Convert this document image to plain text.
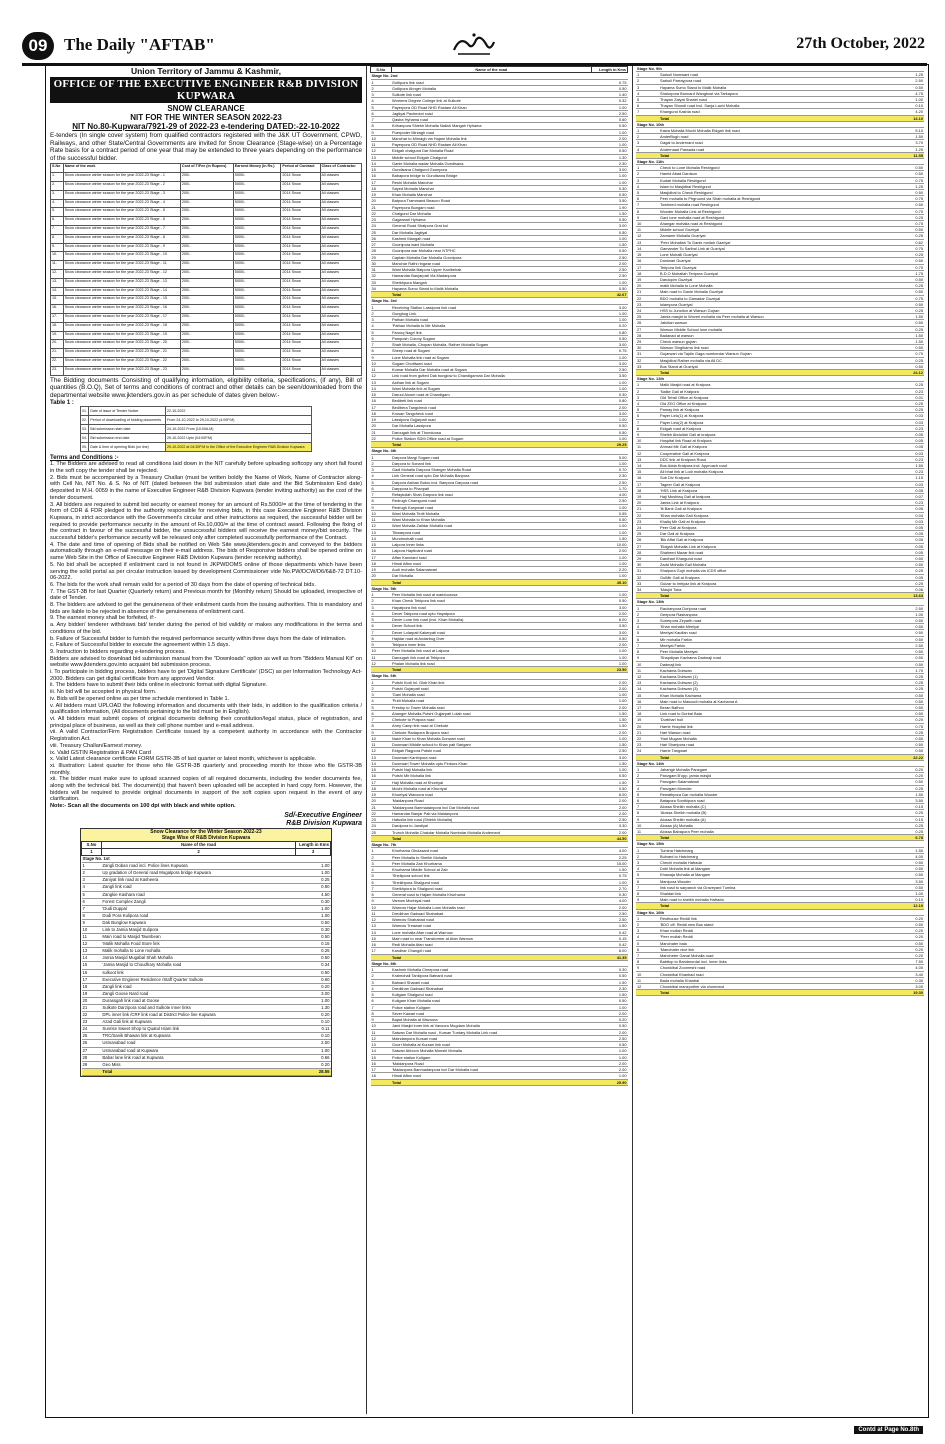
09 The Daily "AFTAB"	27th October, 2022
Union Territory of Jammu & Kashmir,
OFFICE OF THE EXECUTIVE ENGINEER R&B DIVISION KUPWARA
SNOW CLEARANCE
NIT FOR THE WINTER SEASON 2022-23
NIT No.80-Kupwara/7921-29 of 2022-23 e-tendering DATED:-22-10-2022
E-tenders (In single cover system) from qualified contractors registered with the J&K UT Government, CPWD, Railways, and other State/Central Governments are invited for Snow Clearance (Stage-wise) on a Percentage Rate basis for a contract period of one year that may be extended to three years depending on the performance of the successful bidder.
S.No	Name of the work	Cost of T/Fee (in Rupees)	Earnest Money (in Rs.)	Period of Contract	Class of Contractor
1.	Snow clearance winter season for the year 2022-23 Stage - 1	200/-	5000/-	2014 Snow	All classes
2.	Snow clearance winter season for the year 2022-23 Stage - 2	200/-	5000/-	2014 Snow	All classes
3.	Snow clearance winter season for the year 2022-23 Stage - 3	200/-	5000/-	2014 Snow	All classes
4.	Snow clearance winter season for the year 2022-23 Stage - 4	200/-	5000/-	2014 Snow	All classes
5.	Snow clearance winter season for the year 2022-23 Stage - 5	200/-	5000/-	2014 Snow	All classes
6.	Snow clearance winter season for the year 2022-23 Stage - 6	200/-	5000/-	2014 Snow	All classes
7.	Snow clearance winter season for the year 2022-23 Stage - 7	200/-	5000/-	2014 Snow	All classes
8.	Snow clearance winter season for the year 2022-23 Stage - 8	200/-	5000/-	2014 Snow	All classes
9.	Snow clearance winter season for the year 2022-23 Stage - 9	200/-	5000/-	2014 Snow	All classes
10.	Snow clearance winter season for the year 2022-23 Stage - 10	200/-	5000/-	2014 Snow	All classes
11.	Snow clearance winter season for the year 2022-23 Stage - 11	200/-	5000/-	2014 Snow	All classes
12.	Snow clearance winter season for the year 2022-23 Stage - 12	200/-	5000/-	2014 Snow	All classes
13.	Snow clearance winter season for the year 2022-23 Stage - 13	200/-	5000/-	2014 Snow	All classes
14.	Snow clearance winter season for the year 2022-23 Stage - 14	200/-	5000/-	2014 Snow	All classes
15.	Snow clearance winter season for the year 2022-23 Stage - 15	200/-	5000/-	2014 Snow	All classes
16.	Snow clearance winter season for the year 2022-23 Stage - 16	200/-	5000/-	2014 Snow	All classes
17.	Snow clearance winter season for the year 2022-23 Stage - 17	200/-	5000/-	2014 Snow	All classes
18.	Snow clearance winter season for the year 2022-23 Stage - 18	200/-	5000/-	2014 Snow	All classes
19.	Snow clearance winter season for the year 2022-23 Stage - 19	200/-	5000/-	2014 Snow	All classes
20.	Snow clearance winter season for the year 2022-23 Stage - 20	200/-	5000/-	2014 Snow	All classes
21.	Snow clearance winter season for the year 2022-23 Stage - 21	200/-	5000/-	2014 Snow	All classes
22.	Snow clearance winter season for the year 2022-23 Stage - 22	200/-	5000/-	2014 Snow	All classes
23.	Snow clearance winter season for the year 2022-23 Stage - 23	200/-	5000/-	2014 Snow	All classes
The Bidding documents Consisting of qualifying information, eligibility criteria, specifications, (if any), Bill of quantities (B.O.Q), Set of terms and conditions of contract and other details can be seen/downloaded from the departmental website www.jktenders.gov.in as per schedule of dates given below:-
Table 1 :
01.	Date of issue of Tender Notice	22-10-2022
02.	Period of downloading of bidding documents	From 24-10-2022 to 29-10-2022 (4:00P.M)
03.	Bid submission start date	24-10-2022 From (10:00A.M)
04.	Bid submission end date	29-10-2022 Upto (04:00P.M)
05.	Date & time of opening Bids (on line)	29-10-2022 at 04:30P.M in the Office of the Executive Engineer R&B Division Kupwara
Terms and Conditions :-
1. The Bidders are advised to read all conditions laid down in the NIT carefully before uploading softcopy any short fall found in the soft copy the tender shall be rejected.
2. Bids must be accompanied by a Treasury Challan (must be written boldly the Name of Work, Name of Contractor along-with Cell No, NIT No. & S. No of NIT (dated between the bid submission start date and the Bid Submission End date) deposited in M.H. 0059 in the name of Executive Engineer R&B Division Kupwara (tender inviting authority) as the cost of the tender document.
3. All bidders are required to submit bid security or earnest money for an amount of Rs.5000/= at the time of tendering in the form of CDR & FDR pledged to the authority responsible for receiving bids, in this case Executive Engineer R&B Division Kupwara, in strict accordance with the Government's circular and other instructions as required, the successful bidder will be required to provide performance security in the amount of Rs.10,000/= at the time of contract award. Following the fixing of the contract in favour of the successful bidder, the unsuccessful bidders will receive the earnest money/bid security. The successful bidder's performance security will be released only after completed successfully performance of the Contract.
4. The date and time of opening of Bids shall be notified on Web Site www.jktenders.gov.in and conveyed to the bidders automatically through an e-mail message on their e-mail address. The bids of Responsive bidders shall be opened online on same Web Site in the Office of Executive Engineer R&B Division Kupwara (tender receiving authority).
5. No bid shall be accepted if enlistment card is not found in JKPWDOMS online of those departments which have been serving the solid portal as per circular instruction issued by development Commissioner vide No.PW/DCW/D6/6&8-72 DT.10-06-2022.
6. The bids for the work shall remain valid for a period of 30 days from the date of opening of technical bids.
7. The GST-3B for last Quarter (Quarterly return) and Previous month for (Monthly return) Should be uploaded, irrespective of date of Tender.
8. The bidders are advised to get the genuineness of their enlistment cards from the issuing authorities. This is mandatory and bids are liable to be rejected in absence of the genuineness of enlistment card.
9. The earnest money shall be forfeited, if:-
a. Any bidder/ tenderer withdraws bid/ tender during the period of bid validity or makes any modifications in the terms and conditions of the bid.
b. Failure of Successful bidder to furnish the required performance security within three days from the date of intimation.
c. Failure of Successful bidder to execute the agreement within 1.5 days.
9. Instruction to bidders regarding e-tendering process.
Bidders are advised to download bid submission manual from the "Downloads" option as well as from "Bidders Manual Kit" on website www.jktenders.gov.into acquaint bid submission process.
i. To participate in bidding process, bidders have to get 'Digital Signature Certificate' (DSC) as per Information Technology Act-2000. Bidders can get digital certificate from any approved Vendor.
ii. The bidders have to submit their bids online in electronic format with digital Signature.
iii. No bid will be accepted in physical form.
iv. Bids will be opened online as per time schedule mentioned in Table 1.
v. All bidders must UPLOAD the following information and documents with their bids, in addition to the qualification criteria / qualification information, (All documents pertaining to the bid must be in English).
vi. All bidders must submit copies of original documents defining their constitution/legal status, place of registration, and principal place of business, as well as their cell phone number and e-mail address.
vii. A valid Contractor/Firm Registration Certificate issued by a competent authority in accordance with the Contractor Registration Act.
viii. Treasury Challan/Earnest money.
ix. Valid GSTIN Registration & PAN Card
x. Valid Latest clearance certificate FORM GSTR-3B of last quarter or latest month, whichever is applicable.
xi. Illustration: Latest quarter for those who file GSTR-3B quarterly and proceeding month for those who file GSTR-3B monthly.
xii. The bidder must make sure to upload scanned copies of all required documents, including the tender documents fee, along with the technical bid. The document(s) that haven't been uploaded will be accepted in hard copy form. However, the bidders will be required to provide original documents in support of the soft copies upon request in the event of any clarification.
Note:- Scan all the documents on 100 dpi with black and white option.
Sd/-Executive Engineer
R&B Division Kupwara
Snow Clearance for the Winter Season 2022-23
Stage Wise of R&B Division Kupwara
S.No	Name of the road	Length in Kms
1	2	3
Stage No. 1st		
1	Zangli Doban road incl. Police lines Kupwara	1.00
2	Up gradation of General road Mugalpora bridge Kupwara	1.00
3	Zaniyat link road at Kasheera	0.25
4	Zangli link road	0.80
5	Zangkie Kashara road	4.50
6	Forest Complex Zangli	0.30
7	'Dudi Duppal	1.00
8	Dudi Pora Kulipora road	1.00
9	Dak Bunglow Kupwara	0.50
10	Link to Jamia Masjid Sulipora	0.30
11	Main road to Masjid Tawnbean	0.50
12	'Malik Mohalla Food Store link	0.15
13	Malik mohalla to Lone mohalla	0.25
14	Jamia Masjid Mugabal Shah Mohalla	0.50
15	'Jamia Masjid to Choudhary Mohalla road	0.34
16	sulkoot link	0.50
17	Executive Engineer Residence /Staff Quarter Sulkote	0.60
18	Zangli link road	0.20
19	Zangli Goose Nard road	3.00
20	Durassgah link road at Goose	1.00
21	Sulkote Darzipora road and Sulkote inner links	1.30
22	DPL inner link /CRF link road at District Police line Kupwara	0.20
23	Azad Gali link at Kupwara	0.10
24	Sunrise Sweet Shop to Quatul Islam link	0.11
25	TRC/Sanik Bhawan link at Kupwara	0.10
26	Usmanabad road	2.00
27	Usmanabad road at Kupwara	1.00
28	Babar lane link road at Kupwara	0.66
29	Geo Miss	0.20
	Total	28.55
S.No	Name of the road	Length in Kms
Stage No. 2nd		
1	Gutlipora link road	0.75
2	Gutlipora Ahnger Mohalla	0.50
3	Sulkote link road	1.40
4	Womens Degree College link at Sulkote	0.32
5	Payerpora OD Road NHD Rustam Ali Khan	1.00
6	Jagtiyal Pachedori road	2.50
7	Qasba Hyhama road	0.60
8	Krihanpora Shiekh Mohalla Nallah Mangah Hyhama	0.50
9	Puerpoder Mirzagh road	1.00
10	Manchar to Mirnagh via Hajam Mohalla link	2.00
11	Payerpora OD Road NHD Rustam Ali Khan	1.00
12	Eidgah chalgund Dar Mohalla Road	0.50
13	Middle school Eidgah Chalgund	1.30
14	Ganie Mohalla wadar Mohalla Gundisana	2.30
15	Gundisana Chalgund Goonpora	3.00
16	Babapora bridge to Gundisana Bridge	1.00
17	Reshi Mohalla Manchar	1.00
18	Sayed Mohalla Manchar	0.30
19	Khan Mohalla Manchar	0.50
20	Batpora Trammand Beacon Road	3.50
21	Payerpora Bungam road	1.90
22	Chalgund Dar Mohalla	1.50
23	Gagarwari Hyhama	0.50
24	General Road Shatpora Grat kul	3.00
25	Dar Mohalla Jagtiyal	0.50
26	Kashmir Mangah road	1.00
27	Goonipora wani Mohalla	1.50
28	Goonipora war Mohalla near NTPHC	0.50
29	Captain Mohalla Dar Mohalla Goonipora	2.50
30	Manchar Rathi ringwar road	2.00
31	Wani Mohalla Batpora Upper Kanibehak	2.50
32	Hamandar Banjarpati Via Madanpora	2.50
33	Sheikhpora Mangah	1.00
34	Hayama Sumo Stand to Malik Mohalla	0.50
	Total	42.67
Stage No. 3rd		
1	Receiving Station Lassipora link road	3.00
2	Gungbug Link	1.00
3	Pathan Mohalla road	1.00
4	'Pathan Mohalla to Mir Mohalla	0.20
5	Farooq Nagri link	0.80
6	Pamposh Colony Sogam	0.50
7	Shah Mohalla, Chopan Mohalla, Rather Mohalla Sogam	3.00
8	Sheep road at Sogam	0.75
9	Lone Mohalla link road at Sogam	1.00
10	Sogam Chottiwari road	3.00
11	Kumar Mohalla Dar Mohalla road at Sogam	2.50
12	Link road from gutted Dak bunglow to Chandigamvia Dar Mohalla	3.50
13	Asthan link at Sogam	1.00
14	Wani Mohalla link at Sogam	1.00
15	Daruul Aloom road at Chandigam	0.30
16	Bedibeti link road	0.80
17	Bedibera Tangcheck road	2.00
18	Krusan Tangcheck road	3.00
19	Lassipora Gujjarpati road	1.00
20	Dar Mohalla Lassipora	0.50
21	Darougah link at Thundoosa	0.50
22	Police Station SDM Office road at Sogam	1.00
	Total	29.25
Stage No. 4th		
1	Darpora Margi Sogam road	5.00
2	Darpora to Sonard link	1.00
3	Gadi Mohalla Darpora Shanger Mohalla Road	0.70
4	Link General road upto Dar Mohalla Banpora	2.30
5	Darpora Asthan Butoo incl. Banpora Darpora road	2.50
6	Darppora to Phanpati	1.70
7	Refaytullah Shah Darpora link road	4.00
8	Redrugh Chamgund road	2.50
9	Redrugh Kanpwari road	1.00
10	Wani Mohalla Tedli Mohalla	0.55
11	Wani Mohalla to Khan Mohalla	0.50
12	Wani Mohalla Zaildar Mohalla road	1.00
13	Tikwarpora road	1.00
14	Mundmohalli road	1.50
15	Lalpora Inner links	10.00
16	Lalpora Haptinard road	2.00
17	Affan Kanniard road	1.00
18	Himal Affan road	1.00
19	Audi mohalla Salamatwari	2.20
20	Dar Mohalla	1.00
	Total	45.10
Stage No. 5th		
1	Peer Mohalla link road at waridoorusa	1.00
2	Khan Check Tekipora link road	0.50
3	Hayatpora link road	3.00
4	Dever Takipora road upto Hayatpora	2.00
5	Dever Lone link road (incl. Khan Mohalla)	6.00
6	Dever School link	3.50
7	Dever Lolarpati Kakerpati road	3.00
8	Hajidar road at Andarbug Dver	0.50
9	Tekipora inner links	2.00
10	Peer Mohalla link road at Lalpora	1.00
11	Darougah link road at Tekipora	1.00
12	Phalan Mohalla link road	1.00
	Total	23.50
Stage No. 6th		
1	Putshi Kodi Inl. Glob Khan link	2.00
2	Putshi Gujarpati road	2.00
3	'Gani Mohalla road	1.00
4	'Putti Mohalla road	1.00
5	Frestop to Tower Mohalla road	2.00
6	Ahanger Mohalla Putshi Gujjarpati Lolab road	1.50
7	Chekote to Putpora road	1.50
8	Army Camp link road at Chekote	1.50
9	Chekote Radapora Brupora road	2.00
10	Nasir Khan to Khan Mohalla Donwari road	1.00
11	Doonwari Middle school to Khan pati Sarigam	1.50
12	Eidgah Ragpora Putshi road	2.50
13	Doonwari Kanthpora road	3.00
14	Doonwari Tower Mohalla upto Firdous Khan	1.50
15	Putshi Naji Mohalla link	1.00
16	Putshi Mir Mohalla link	0.50
17	Haji Mohalla road at Khurriyal	1.50
18	Mochi Mohalla road at Khurriyal	0.50
19	Khurriyal Wavoora road	6.00
20	'Maidanpora Road	2.00
21	'Maidanpora Banmadanpora incl Dar Mohalla road	2.00
22	Hamandar Banjar Pati via Maidanpora	2.00
23	Hafuslla link road (Shiekh Mohalla)	2.50
24	Dardpora to Jandiyal	3.30
25	Trunch Mohalla Chakdar Mohalla Numbdar Mohalla Andernard	2.00
	Total	44.50
Stage No. 7th		
1	Khurhama Ghulzaard road	4.00
2	Peer Mohalla to Sheikh Mohalla	2.25
3	Peer Mohalla Zab Khurhama	15.00
4	Khurhama Middle School at Zab	1.50
5	'Sheikpora school link	0.75
6	'Sheikhpora Shalgund road	1.00
7	Sheikhpora to Shalgund road	2.70
8	General road to Hajam Mohalla Khurhama	0.30
9	Varnow Mochiyal road	4.00
10	Warnow Hajar Mohalla Loan Mohalla road	2.00
11	Dredkhan Gadwad Shahabad	2.50
12	Warnow Shahabad road	2.50
13	Warnow Treawari road	1.50
14	Lone mohalla Afan road at Warnow	0.42
15	Main road to near Transformer at Afan Warnow	0.15
16	Redi Mohalla Afan road	0.42
17	Kandhar Changdi road	6.00
	Total	41.35
Stage No. 8th		
1	Kashmir Mohalla Cheepora road	0.30
2	Kralmohall Tankipora Batnard road	0.50
3	Batnard Sharani road	1.50
4	Dredkhan Gadwad Shahabad	2.30
5	Kuligam Shalgund road	1.50
6	Kuligam Khan Mohalla road	0.50
7	Police station Kuligam	1.00
8	Sever Kawari road	2.00
9	Bajad Mohalla at Wavoora	0.20
10	Jami Masjid inner link at Vavoora Mugdam Mohalla	0.50
11	Saiwan Dar Mohalla road , Kursan Tuntary Mohalla Link road	2.00
12	Maindanpora Kursan road	2.50
13	Goori Mohalla at Kursan link road	0.50
14	Saiwan Akhoon Mohalla Munshi Mohalla	1.00
15	Police station Kuligam	1.00
16	'Maidanpora Road	2.00
17	'Madanpora Banmadanpora incl Dar Mohalla road	2.00
18	Himal Affan road	1.00
	Total	25.90
Stage No. 9th		
1	Sarkuli Numwani road	1.25
2	Sarkuli Parraypora road	2.50
3	Hayama Sumo Stand to Malik Mohalla	0.50
4	Shalurpora Bunnard Wangbost via Tarkapora	4.75
5	Thayan Zaiyat Shariel road	1.00
6	Thayan Shundi road Incl. Sanja Lachi Mohalla	0.10
7	Khangund Kashia road	4.20
	Total	14.10
Stage No. 10th		
1	Kawa Mohalla Mochi Mohalla Eidgah link road	5.10
2	AnderBugh road	1.50
3	Gagal to Andernard road	3.70
4	Andernaad Passada road	1.25
	Total	11.55
Stage No. 11th		
1	Check to Lone Mohalla Reshigund	0.50
2	Hamid Abad Dardsun	0.50
3	Kudari Mohalla Reshigund	0.75
4	Islam to Masjidbal Reshigund	1.25
5	Masjidbal to Check Reshigund	0.50
6	Peer mohalla to Phgruund via Shah mohalla at Reshigund	0.75
7	Towheed mohalla road Reshigund	0.50
8	Wooder Mohalla Link at Reshigund	0.75
9	Gani lone mohalla road at Reshigund	0.25
10	Ahangar mohalla road at Reshigund	0.75
11	Middle school Guzriyal	0.50
12	Zamamir Mohalla Guzriyal	0.25
13	'Peer Mohallah To Ganie mollah Gazriyal	0.62
14	Gamander To Saribal Link at Guzriyal	0.75
15	Lone Mohalli Guzriyal	0.25
16	Doniwari Guzriyal	0.50
17	Teripora link Guzriyal	0.75
18	B.D.O Mohallah Teripora Guzriyal	1.75
19	Darulqom Guzriyal	0.50
20	malik Mohalla to Lone Mohalla	0.25
21	Main road to Ganie Mohalla Guzriyal	0.50
22	BDO mohalla to Gamadar Guzriyal	0.75
23	Islampora Guzriyal	0.50
24	HSS to Junction at Warsun Gujran	0.25
25	Jamia masjid to Woveri mohalla via Peer mohalla at Warsun	1.50
26	Jabdian warsun	0.50
27	Warsun Middle School lone mohalla	0.25
28	Badanad at warsun	1.50
29	Check warsun gujran	1.50
30	Warsun Singlhama link road	0.50
31	Gujarwari via Tajdin Gaga numberdar Warsun Gujran	0.70
32	Masjidbal Rather mohalla via All DC	0.25
33	Bus Stand at Guzriyal	0.50
	Total	24.12
Stage No. 12th		
1	Malik Masjid road at Kralpora	0.25
2	'Nalke Gali at Kralpora	0.23
3	Old Tehsil Office at Kralpora	0.01
4	Old ZEO Office at Kralpora	0.25
5	Pamay link at Kralpora	0.25
6	Payer Link(1) at Kralpora	0.03
7	Payer Link(2) at Kralpora	0.03
8	Eidgah road at Kralpora	0.23
9	Sheikh Abdullah Gali at kralpora	0.05
10	Hospital link Road at Kralpora	0.05
11	Ahmad Mir Gali at Kralpora	0.05
12	Cooperative Gali at Kralpora	0.03
13	DDC link at Kralpora Road	0.23
14	Bus Adda Kralpora incl. Approach road	1.50
15	All bhat link at Lodi mohalla Kralpora	0.23
16	Sub Div Kralpora	1.15
17	Tageer Gali at Kralpora	0.03
18	'HSS Link at Kralpora	0.05
19	Haji Mushtaq Gali at kralpora	0.07
20	Jamia Link at Kralpora	0.23
21	'lit Bank Gali at Kralpora	0.05
22	'Khan mohalla Gali Kralpora	0.04
23	Khaliq Mir Gali at Kralpora	0.03
24	Peer Gali at Kralpora	0.05
25	Dar Gali at Kralpora	0.05
26	'Bik Affat Gali at Kralpora	0.05
27	'Eidgah Mohalla Link at Kralpora	0.05
28	Shaheed Mazar link road	0.05
29	Dardhari Khargund road	0.50
30	Zadd Mohalla Gali Mohalla	0.50
31	Shalpora Gojri mohalla via ICDS office	0.25
32	GulMir Gali at Kralpora	0.05
33	Gulzar to Imtiyaz link at Kralpora	0.25
34	'Masjid Toba	0.06
	Total	13.63
Stage No. 13th		
1	Rachanpora Doripora road	2.50
2	Geepora Rashanpora	1.00
3	Sunerpora Zeyarth road	0.50
4	'Khan mohalla Meelyal	0.50
5	Meelyal Kaulfan road	0.50
6	Mir mohalla Farkin	0.50
7	Meelyal Farkin	2.50
8	Peer Mohalla Meelyal	0.50
9	'Shapdiyan Kachama Dadmaji road	0.50
10	Dadmaji link	0.50
11	Kachama Dobwan	1.70
12	Kachama Dobwan (1)	0.25
13	Kachama Dobwan (2)	0.25
14	Kachama Dobwan (3)	0.25
15	Khan Mohalla Kachama	0.50
16	Main road to Masoodi mohalla at Kachama A	0.50
17	Beran Bathoo	0.50
18	Link road to Durbal Bala	0.50
19	'Durbhari holl	0.20
20	Harrie Hospital link	0.75
21	Hari Warsun road	0.25
22	'Hari Mugam Mohalla	0.50
23	Hari Shartpora road	0.50
24	Harrie Tangwari	0.50
	Total	22.22
Stage No. 14th		
1	Jahangir Mohalla Panzgam	0.20
2	Panzgam B'opp. jamia masjid	0.20
3	Panzgam Salamatwari	0.50
4	Panzgam Momder	0.25
5	Rewathpora Dar mohalla Wooder	1.50
6	Batapora Sonthipora road	3.50
7	Alossa Sheikh mohalla (C)	0.15
8	'Alossa Sheikh mohalla (B)	0.25
9	Alossa Sheikh mohalla (A)	0.15
10	Alossa (A) Mohalla	0.25
11	Alossa Babapora Peer mohalla	0.25
	Total	6.78
Stage No. 15th		
1	Tumina Hatchmarg	1.50
2	Bulnard to Hatchmarg	4.00
3	Chechi mohalla Hafrada	0.50
4	Dobi Mohalla link at Mangam	0.50
5	Khawaja Mohalla at Mangam	0.50
6	Manipora Wooder	3.50
7	link road to sarpanch via Graveyard Tumina	0.50
8	Shaldari link	1.00
9	Main road to sheikh mohalla Hafrada	0.10
	Total	12.10
Stage No. 16th		
1	Resthouse Reddi link	0.20
2	'BDO off. Reddi new Bus stand	0.50
3	Khan mollah Reddi	0.20
4	'Peer mollah Reddi	0.20
5	Manchater bala	0.50
6	'Manchater nice link	0.20
7	Mancheter Ganai Mohalla road	0.20
8	Babttop to Bandmordal incl. Inner links	7.50
9	Chowkibal Zoonreshi road	4.00
10	Chowkibal Khanbad road	3.40
11	Bada mohalla Khanbal	0.30
12	Chowkibal manzpother via chumnard	3.00
	Total	19.30
Contd at Page No.8th
